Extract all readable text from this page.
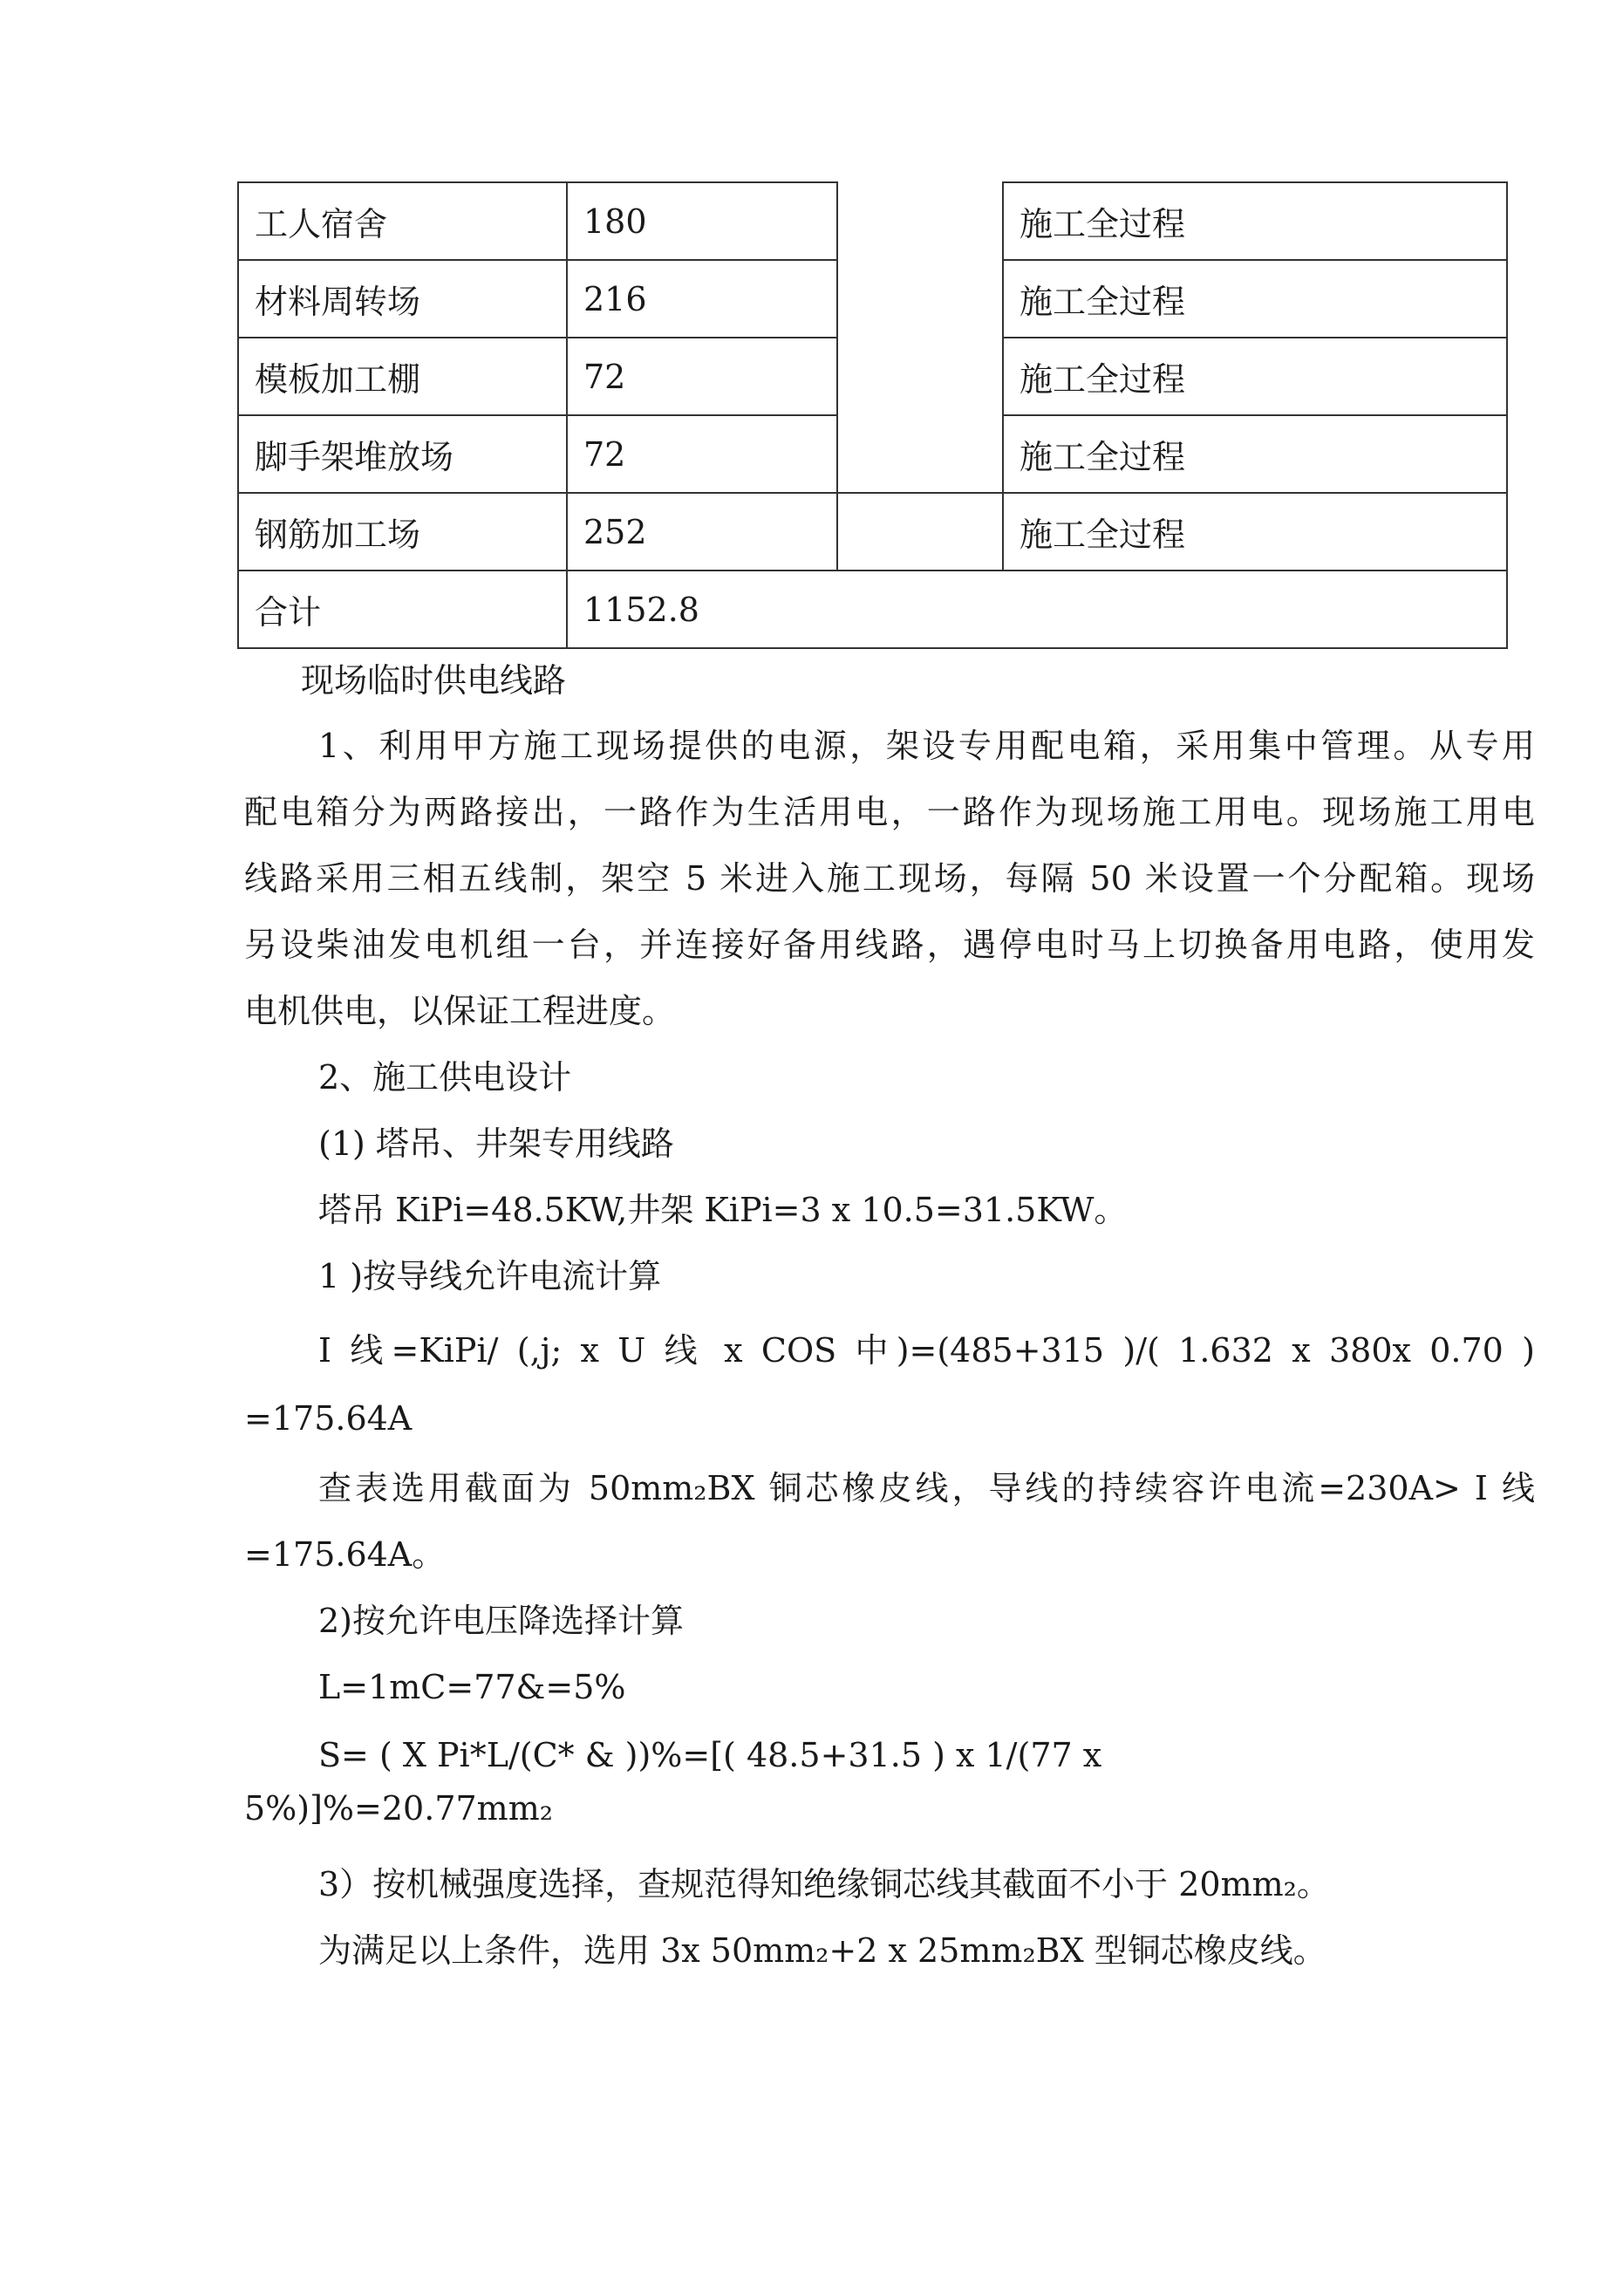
工人宿舍	180		施工全过程
材料周转场	216		施工全过程
模板加工棚	72		施工全过程
脚手架堆放场	72		施工全过程
钢筋加工场	252		施工全过程
合计	1152.8		
现场临时供电线路
1、利用甲方施工现场提供的电源，架设专用配电箱，采用集中管理。从专用
配电箱分为两路接出，一路作为生活用电，一路作为现场施工用电。现场施工用电
线路采用三相五线制，架空 5 米进入施工现场，每隔 50 米设置一个分配箱。现场
另设柴油发电机组一台，并连接好备用线路，遇停电时马上切换备用电路，使用发
电机供电，以保证工程进度。
2、施工供电设计
(1) 塔吊、井架专用线路
塔吊 KiPi=48.5KW,井架 KiPi=3 x 10.5=31.5KW。
1 )按导线允许电流计算
I 线=KiPi/ (,j; x U 线 x COS 中)=(485+315 )/( 1.632 x 380x 0.70 )
=175.64A
查表选用截面为 50mm₂BX 铜芯橡皮线，导线的持续容许电流=230A> I 线
=175.64A。
2)按允许电压降选择计算
L=1mC=77&=5%
S= ( X Pi*L/(C* & ))%=[( 48.5+31.5 ) x 1/(77 x
5%)]%=20.77mm₂
3）按机械强度选择，查规范得知绝缘铜芯线其截面不小于 20mm₂。
为满足以上条件，选用 3x 50mm₂+2 x 25mm₂BX 型铜芯橡皮线。
